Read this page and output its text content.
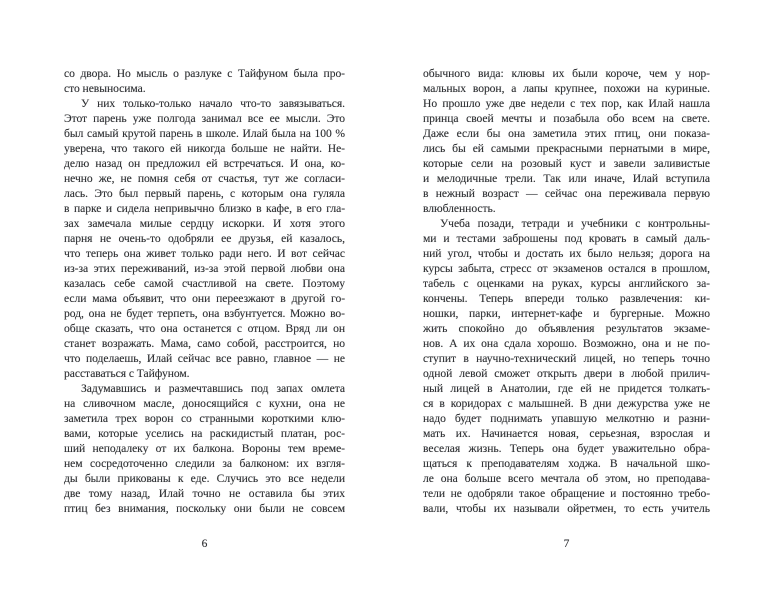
со двора. Но мысль о разлуке с Тайфуном была про-
сто невыносима.
У них только-только начало что-то завязываться.
Этот парень уже полгода занимал все ее мысли. Это
был самый крутой парень в школе. Илай была на 100 %
уверена, что такого ей никогда больше не найти. Не-
делю назад он предложил ей встречаться. И она, ко-
нечно же, не помня себя от счастья, тут же согласи-
лась. Это был первый парень, с которым она гуляла
в парке и сидела непривычно близко в кафе, в его гла-
зах замечала милые сердцу искорки. И хотя этого
парня не очень-то одобряли ее друзья, ей казалось,
что теперь она живет только ради него. И вот сейчас
из-за этих переживаний, из-за этой первой любви она
казалась себе самой счастливой на свете. Поэтому
если мама объявит, что они переезжают в другой го-
род, она не будет терпеть, она взбунтуется. Можно во-
обще сказать, что она останется с отцом. Вряд ли он
станет возражать. Мама, само собой, расстроится, но
что поделаешь, Илай сейчас все равно, главное — не
расставаться с Тайфуном.
Задумавшись и размечтавшись под запах омлета
на сливочном масле, доносящийся с кухни, она не
заметила трех ворон со странными короткими клю-
вами, которые уселись на раскидистый платан, рос-
ший неподалеку от их балкона. Вороны тем време-
нем сосредоточенно следили за балконом: их взгля-
ды были прикованы к еде. Случись это все недели
две тому назад, Илай точно не оставила бы этих
птиц без внимания, поскольку они были не совсем
обычного вида: клювы их были короче, чем у нор-
мальных ворон, а лапы крупнее, похожи на куриные.
Но прошло уже две недели с тех пор, как Илай нашла
принца своей мечты и позабыла обо всем на свете.
Даже если бы она заметила этих птиц, они показа-
лись бы ей самыми прекрасными пернатыми в мире,
которые сели на розовый куст и завели заливистые
и мелодичные трели. Так или иначе, Илай вступила
в нежный возраст — сейчас она переживала первую
влюбленность.
Учеба позади, тетради и учебники с контрольны-
ми и тестами заброшены под кровать в самый даль-
ний угол, чтобы и достать их было нельзя; дорога на
курсы забыта, стресс от экзаменов остался в прошлом,
табель с оценками на руках, курсы английского за-
кончены. Теперь впереди только развлечения: ки-
ношки, парки, интернет-кафе и бургерные. Можно
жить спокойно до объявления результатов экзаме-
нов. А их она сдала хорошо. Возможно, она и не по-
ступит в научно-технический лицей, но теперь точно
одной левой сможет открыть двери в любой прилич-
ный лицей в Анатолии, где ей не придется толкать-
ся в коридорах с малышней. В дни дежурства уже не
надо будет поднимать упавшую мелкотню и разни-
мать их. Начинается новая, серьезная, взрослая и
веселая жизнь. Теперь она будет уважительно обра-
щаться к преподавателям ходжа. В начальной шко-
ле она больше всего мечтала об этом, но преподава-
тели не одобряли такое обращение и постоянно требо-
вали, чтобы их называли ойретмен, то есть учитель
6	7
